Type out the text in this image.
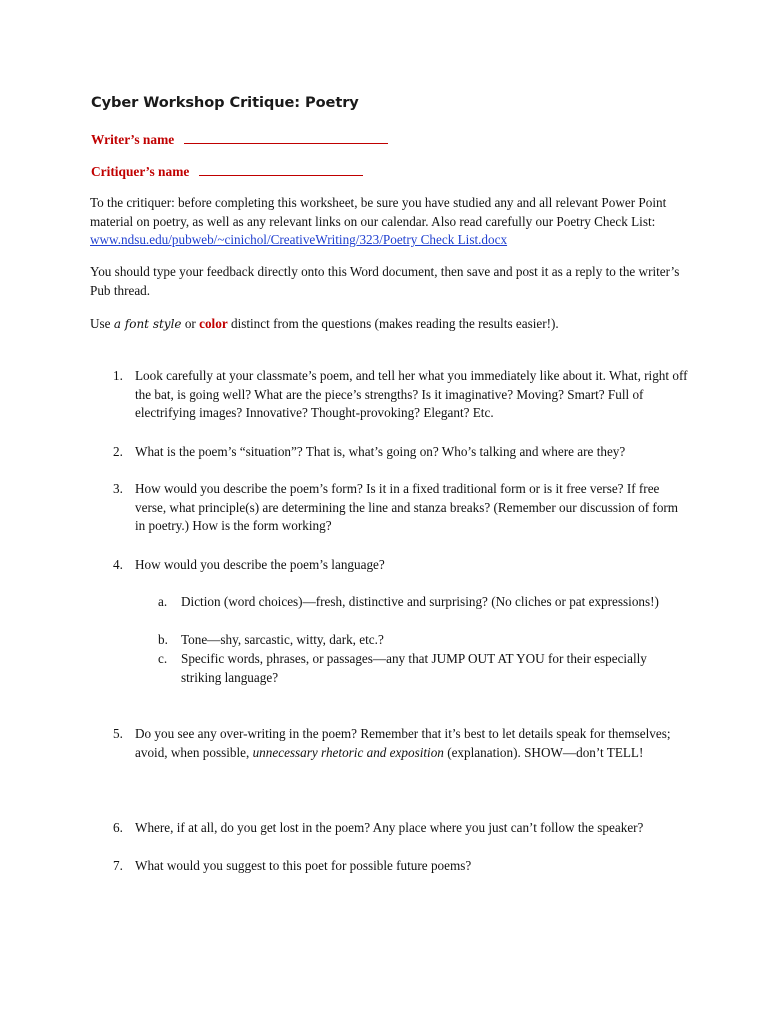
Cyber Workshop Critique: Poetry
Writer’s name
Critiquer’s name
To the critiquer: before completing this worksheet, be sure you have studied any and all relevant Power Point material on poetry, as well as any relevant links on our calendar. Also read carefully our Poetry Check List: www.ndsu.edu/pubweb/~cinichol/CreativeWriting/323/Poetry Check List.docx
You should type your feedback directly onto this Word document, then save and post it as a reply to the writer’s Pub thread.
Use a font style or color distinct from the questions (makes reading the results easier!).
1. Look carefully at your classmate’s poem, and tell her what you immediately like about it. What, right off the bat, is going well? What are the piece’s strengths? Is it imaginative? Moving? Smart? Full of electrifying images? Innovative? Thought-provoking? Elegant? Etc.
2. What is the poem’s “situation”? That is, what’s going on? Who’s talking and where are they?
3. How would you describe the poem’s form? Is it in a fixed traditional form or is it free verse? If free verse, what principle(s) are determining the line and stanza breaks? (Remember our discussion of form in poetry.) How is the form working?
4. How would you describe the poem’s language?
a. Diction (word choices)—fresh, distinctive and surprising? (No cliches or pat expressions!)
b. Tone—shy, sarcastic, witty, dark, etc.?
c. Specific words, phrases, or passages—any that JUMP OUT AT YOU for their especially striking language?
5. Do you see any over-writing in the poem? Remember that it’s best to let details speak for themselves; avoid, when possible, unnecessary rhetoric and exposition (explanation). SHOW—don’t TELL!
6. Where, if at all, do you get lost in the poem? Any place where you just can’t follow the speaker?
7. What would you suggest to this poet for possible future poems?
